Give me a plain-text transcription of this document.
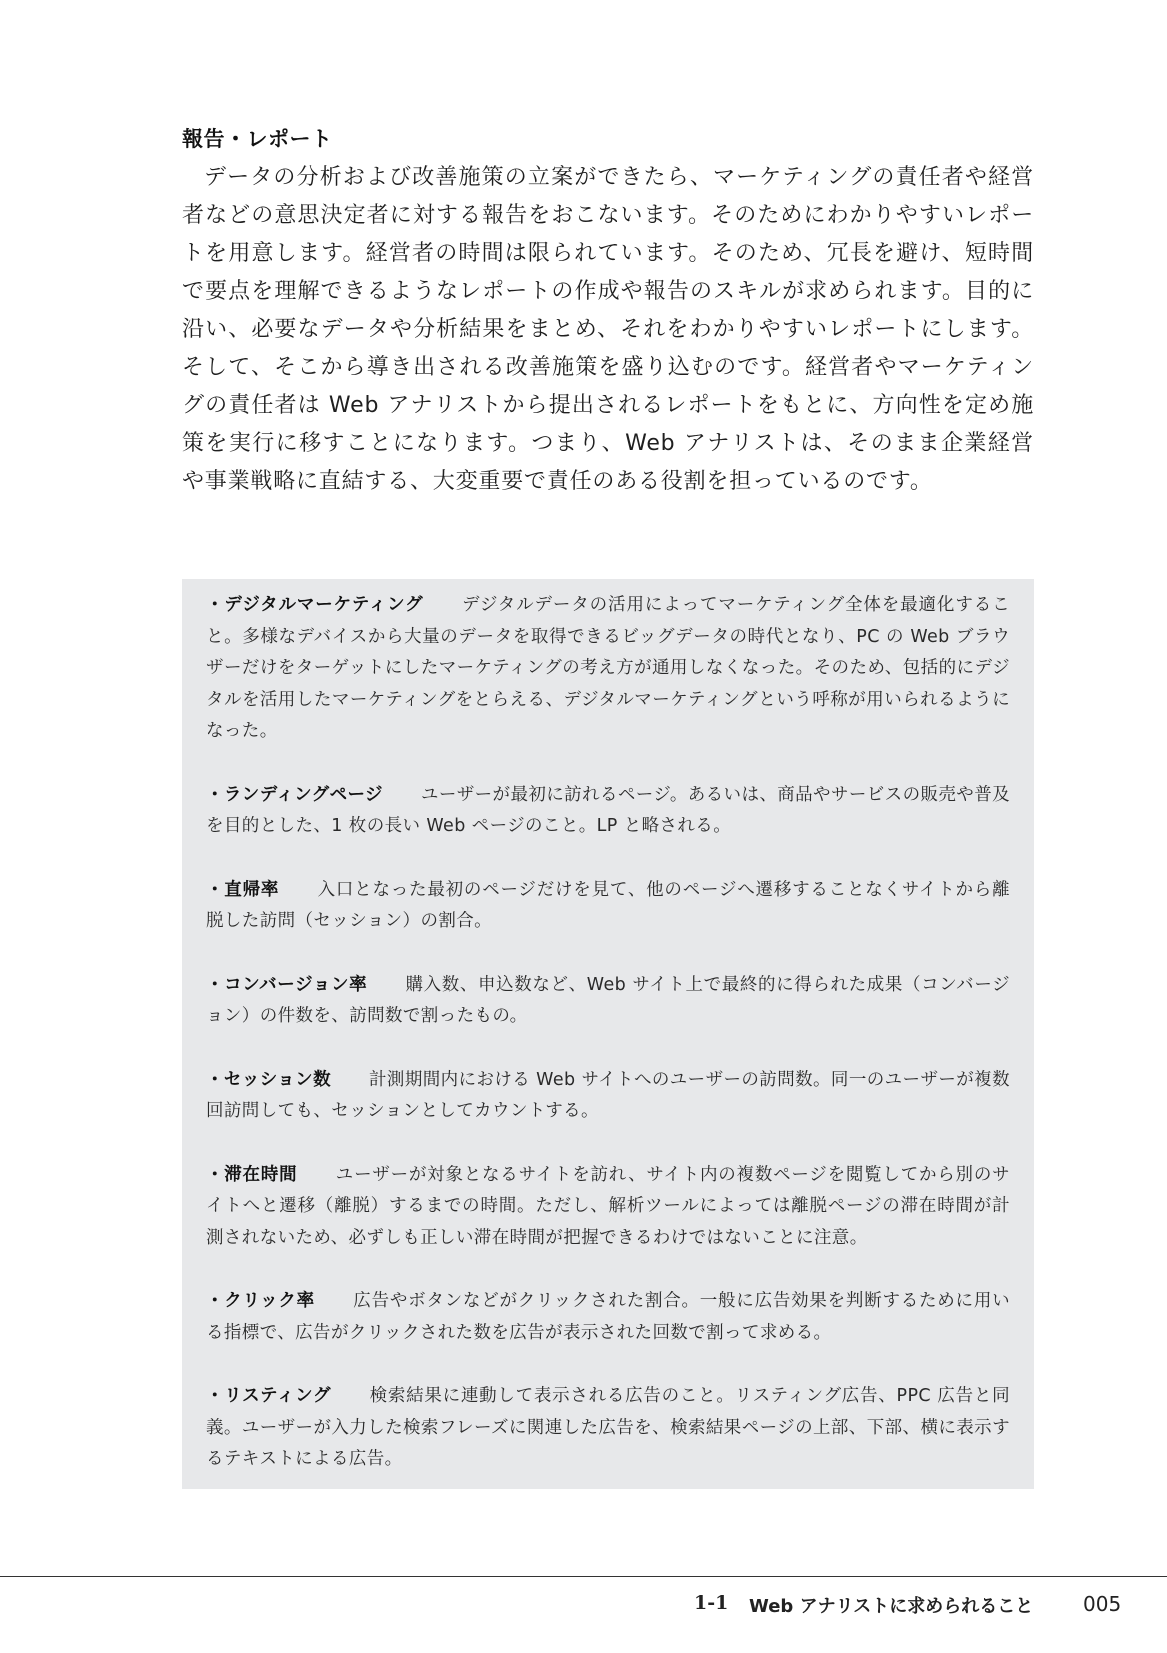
報告・レポート

データの分析および改善施策の立案ができたら、マーケティングの責任者や経営者などの意思決定者に対する報告をおこないます。そのためにわかりやすいレポートを用意します。経営者の時間は限られています。そのため、冗長を避け、短時間で要点を理解できるようなレポートの作成や報告のスキルが求められます。目的に沿い、必要なデータや分析結果をまとめ、それをわかりやすいレポートにします。そして、そこから導き出される改善施策を盛り込むのです。経営者やマーケティングの責任者は Web アナリストから提出されるレポートをもとに、方向性を定め施策を実行に移すことになります。つまり、Web アナリストは、そのまま企業経営や事業戦略に直結する、大変重要で責任のある役割を担っているのです。

・デジタルマーケティング デジタルデータの活用によってマーケティング全体を最適化すること。多様なデバイスから大量のデータを取得できるビッグデータの時代となり、PC の Web ブラウザーだけをターゲットにしたマーケティングの考え方が通用しなくなった。そのため、包括的にデジタルを活用したマーケティングをとらえる、デジタルマーケティングという呼称が用いられるようになった。

・ランディングページ ユーザーが最初に訪れるページ。あるいは、商品やサービスの販売や普及を目的とした、1 枚の長い Web ページのこと。LP と略される。

・直帰率 入口となった最初のページだけを見て、他のページへ遷移することなくサイトから離脱した訪問（セッション）の割合。

・コンバージョン率 購入数、申込数など、Web サイト上で最終的に得られた成果（コンバージョン）の件数を、訪問数で割ったもの。

・セッション数 計測期間内における Web サイトへのユーザーの訪問数。同一のユーザーが複数回訪問しても、セッションとしてカウントする。

・滞在時間 ユーザーが対象となるサイトを訪れ、サイト内の複数ページを閲覧してから別のサイトへと遷移（離脱）するまでの時間。ただし、解析ツールによっては離脱ページの滞在時間が計測されないため、必ずしも正しい滞在時間が把握できるわけではないことに注意。

・クリック率 広告やボタンなどがクリックされた割合。一般に広告効果を判断するために用いる指標で、広告がクリックされた数を広告が表示された回数で割って求める。

・リスティング 検索結果に連動して表示される広告のこと。リスティング広告、PPC 広告と同義。ユーザーが入力した検索フレーズに関連した広告を、検索結果ページの上部、下部、横に表示するテキストによる広告。

1-1 Web アナリストに求められること 005
